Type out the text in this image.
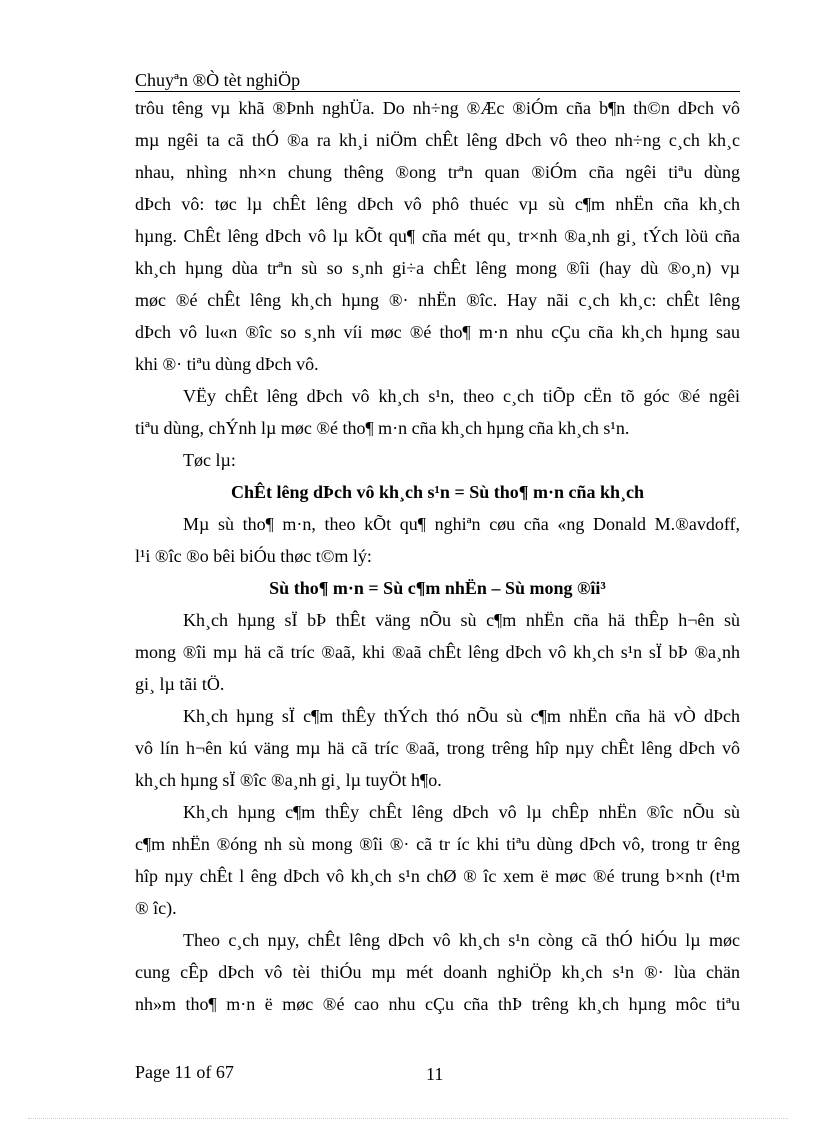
Chuyªn ®Ò tèt nghiÖp
trôu têng vµ khã ®Þnh nghÜa. Do nh÷ng ®Æc ®iÓm cña b¶n th©n dÞch vô
mµ ngêi ta cã thÓ ®a ra kh¸i niÖm chÊt lêng dÞch vô theo nh÷ng c¸ch kh¸c
nhau, nhìng nh×n chung thêng ®ong trªn quan ®iÓm cña ngêi tiªu dùng
dÞch vô: tøc lµ chÊt lêng dÞch vô phô thuéc vµ sù c¶m nhËn cña kh¸ch
hµng. ChÊt lêng dÞch vô lµ kÕt qu¶ cña mét qu¸ tr×nh ®a¸nh gi¸ tÝch lòü cña
kh¸ch hµng dùa trªn sù so s¸nh gi÷a chÊt lêng mong ®îi (hay dù ®o¸n) vµ
møc ®é chÊt lêng kh¸ch hµng ®· nhËn ®îc. Hay nãi c¸ch kh¸c: chÊt lêng
dÞch vô lu«n ®îc so s¸nh víi møc ®é tho¶ m·n nhu cÇu cña kh¸ch hµng sau
khi ®· tiªu dùng dÞch vô.
VËy chÊt lêng dÞch vô kh¸ch s¹n, theo c¸ch tiÕp cËn tõ góc ®é ngêi
tiªu dùng, chÝnh lµ møc ®é tho¶ m·n cña kh¸ch hµng cña kh¸ch s¹n.
Tøc lµ:
ChÊt lêng dÞch vô kh¸ch s¹n = Sù tho¶ m·n cña kh¸ch
Mµ sù tho¶ m·n, theo kÕt qu¶ nghiªn cøu cña «ng Donald M.®avdoff,
l¹i ®îc ®o bêi biÓu thøc t©m lý:
Sù tho¶ m·n = Sù c¶m nhËn – Sù mong ®îi³
Kh¸ch hµng sÏ bÞ thÊt väng nÕu sù c¶m nhËn cña hä thÊp h¬ên sù
mong ®îi mµ hä cã tríc ®aã, khi ®aã chÊt lêng dÞch vô kh¸ch s¹n sÏ bÞ ®a¸nh
gi¸ lµ tãi tÖ.
Kh¸ch hµng sÏ c¶m thÊy thÝch thó nÕu sù c¶m nhËn cña hä vÒ dÞch
vô lín h¬ên kú väng mµ hä cã tríc ®aã, trong trêng hîp nµy chÊt lêng dÞch vô
kh¸ch hµng sÏ ®îc ®a¸nh gi¸ lµ tuyÖt h¶o.
Kh¸ch hµng c¶m thÊy chÊt lêng dÞch vô lµ chÊp nhËn ®îc nÕu sù
c¶m nhËn ®óng nh sù mong ®îi ®· cã tr íc khi tiªu dùng dÞch vô, trong tr êng
hîp nµy chÊt l êng dÞch vô kh¸ch s¹n chØ ® îc xem ë møc ®é trung b×nh (t¹m
® îc).
Theo c¸ch nµy, chÊt lêng dÞch vô kh¸ch s¹n còng cã thÓ hiÓu lµ møc
cung cÊp dÞch vô tèi thiÓu mµ mét doanh nghiÖp kh¸ch s¹n ®· lùa chän
nh»m tho¶ m·n ë møc ®é cao nhu cÇu cña thÞ trêng kh¸ch hµng môc tiªu
Page 11 of 67	11
